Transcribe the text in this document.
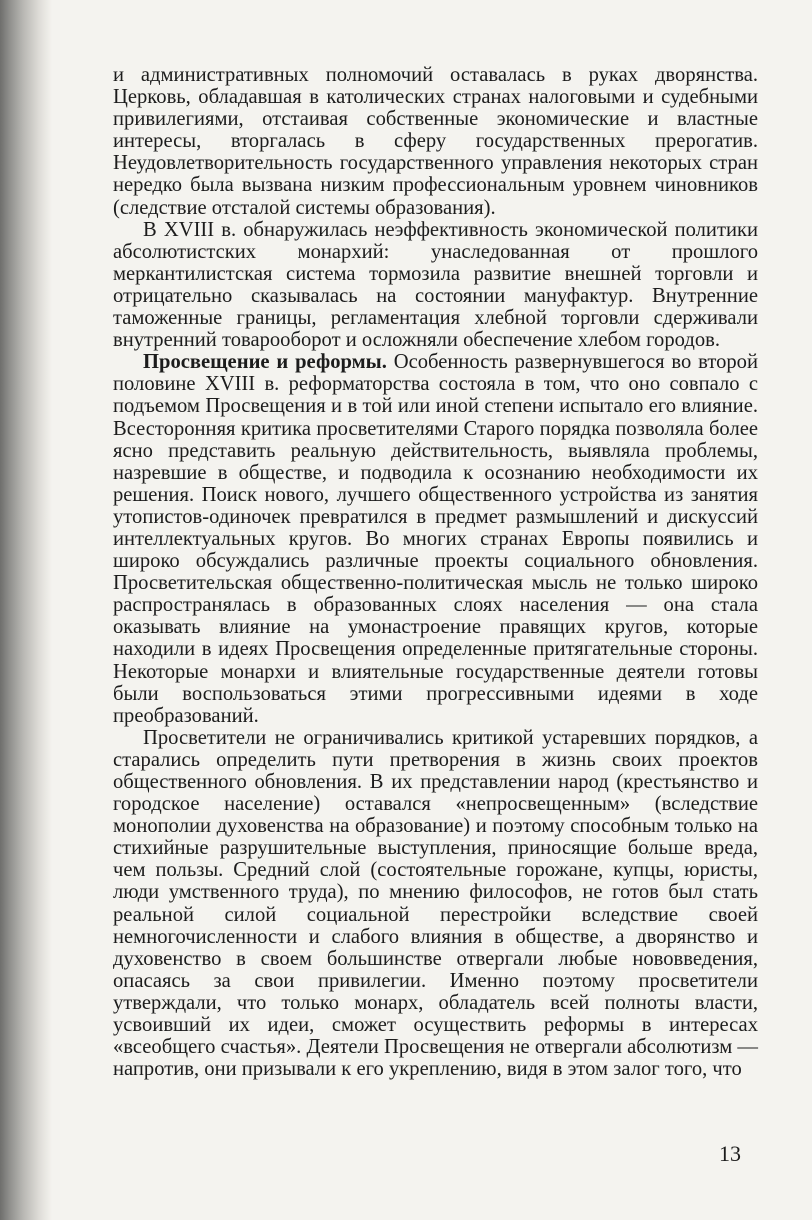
и административных полномочий оставалась в руках дворянства. Церковь, обладавшая в католических странах налоговыми и судебными привилегиями, отстаивая собственные экономические и властные интересы, вторгалась в сферу государственных прерогатив. Неудовлетворительность государственного управления некоторых стран нередко была вызвана низким профессиональным уровнем чиновников (следствие отсталой системы образования).

В XVIII в. обнаружилась неэффективность экономической политики абсолютистских монархий: унаследованная от прошлого меркантилистская система тормозила развитие внешней торговли и отрицательно сказывалась на состоянии мануфактур. Внутренние таможенные границы, регламентация хлебной торговли сдерживали внутренний товарооборот и осложняли обеспечение хлебом городов.

Просвещение и реформы. Особенность развернувшегося во второй половине XVIII в. реформаторства состояла в том, что оно совпало с подъемом Просвещения и в той или иной степени испытало его влияние. Всесторонняя критика просветителями Старого порядка позволяла более ясно представить реальную действительность, выявляла проблемы, назревшие в обществе, и подводила к осознанию необходимости их решения. Поиск нового, лучшего общественного устройства из занятия утопистов-одиночек превратился в предмет размышлений и дискуссий интеллектуальных кругов. Во многих странах Европы появились и широко обсуждались различные проекты социального обновления. Просветительская общественно-политическая мысль не только широко распространялась в образованных слоях населения — она стала оказывать влияние на умонастроение правящих кругов, которые находили в идеях Просвещения определенные притягательные стороны. Некоторые монархи и влиятельные государственные деятели готовы были воспользоваться этими прогрессивными идеями в ходе преобразований.

Просветители не ограничивались критикой устаревших порядков, а старались определить пути претворения в жизнь своих проектов общественного обновления. В их представлении народ (крестьянство и городское население) оставался «непросвещенным» (вследствие монополии духовенства на образование) и поэтому способным только на стихийные разрушительные выступления, приносящие больше вреда, чем пользы. Средний слой (состоятельные горожане, купцы, юристы, люди умственного труда), по мнению философов, не готов был стать реальной силой социальной перестройки вследствие своей немногочисленности и слабого влияния в обществе, а дворянство и духовенство в своем большинстве отвергали любые нововведения, опасаясь за свои привилегии. Именно поэтому просветители утверждали, что только монарх, обладатель всей полноты власти, усвоивший их идеи, сможет осуществить реформы в интересах «всеобщего счастья». Деятели Просвещения не отвергали абсолютизм — напротив, они призывали к его укреплению, видя в этом залог того, что

13
